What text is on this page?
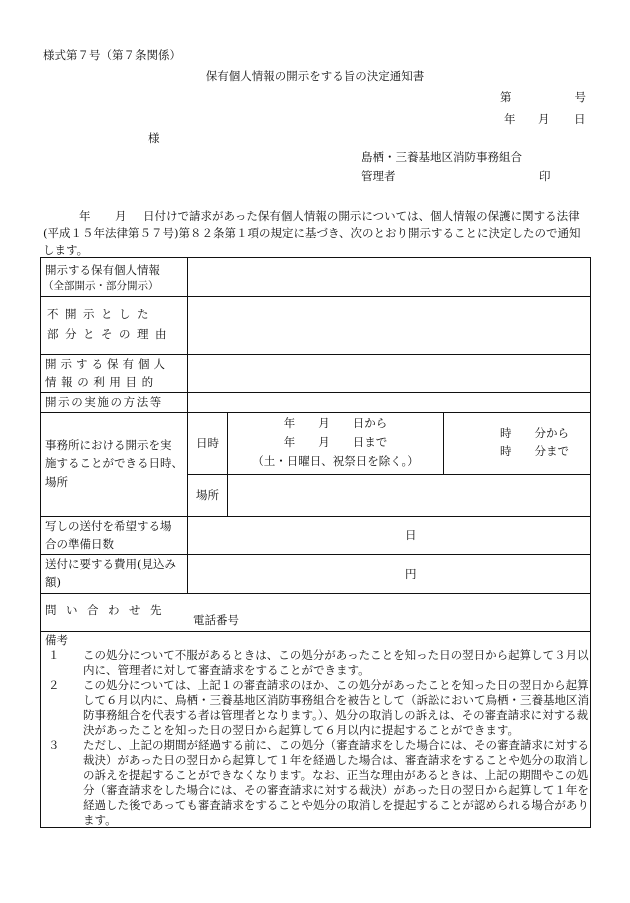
様式第７号（第７条関係）
保有個人情報の開示をする旨の決定通知書
第	号
年 月 日
様
島栖・三養基地区消防事務組合
管理者	印
年 月 日付けで請求があった保有個人情報の開示については、個人情報の保護に関する法律(平成１５年法律第５７号)第８２条第１項の規定に基づき、次のとおり開示することに決定したので通知します。
開示する保有個人情報
（全部開示・部分開示）
不開示とした
部分とその理由
開示する保有個人
情報の利用目的
開示の実施の方法等
事務所における開示を実
施することができる日時、
場所
日時
年　　月　　日から
年　　月　　日まで
（土・日曜日、祝祭日を除く。）
時　　分から
時　　分まで
場所
写しの送付を希望する場
合の準備日数
日
送付に要する費用(見込み
額)
円
問い合わせ先
電話番号
備考
１ この処分について不服があるときは、この処分があったことを知った日の翌日から起算して３月以内に、管理者に対して審査請求をすることができます。
２ この処分については、上記１の審査請求のほか、この処分があったことを知った日の翌日から起算して６月以内に、鳥栖・三養基地区消防事務組合を被告として（訴訟において鳥栖・三養基地区消防事務組合を代表する者は管理者となります。）、処分の取消しの訴えは、その審査請求に対する裁決があったことを知った日の翌日から起算して６月以内に提起することができます。
３ ただし、上記の期間が経過する前に、この処分（審査請求をした場合には、その審査請求に対する裁決）があった日の翌日から起算して１年を経過した場合は、審査請求をすることや処分の取消しの訴えを提起することができなくなります。なお、正当な理由があるときは、上記の期間やこの処分（審査請求をした場合には、その審査請求に対する裁決）があった日の翌日から起算して１年を経過した後であっても審査請求をすることや処分の取消しを提起することが認められる場合があります。
